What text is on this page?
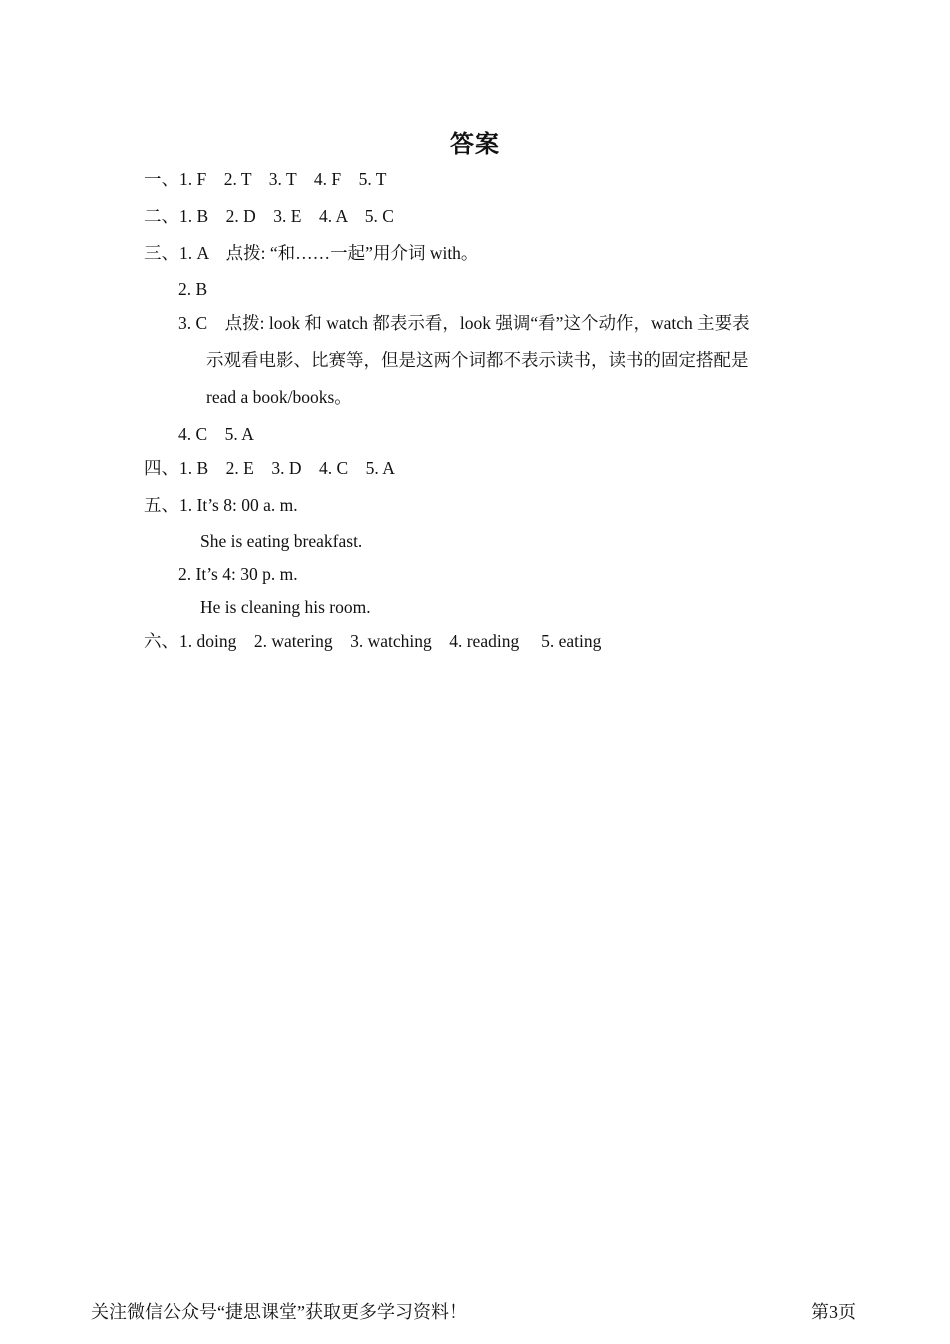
答案
一、1. F　2. T　3. T　4. F　5. T
二、1. B　2. D　3. E　4. A　5. C
三、1. A　点拨: “和……一起”用介词 with。
2. B
3. C　点拨: look 和 watch 都表示看，look 强调“看”这个动作，watch 主要表
示观看电影、比赛等，但是这两个词都不表示读书，读书的固定搭配是
read a book/books。
4. C　5. A
四、1. B　2. E　3. D　4. C　5. A
五、1. It’s 8: 00 a. m.
She is eating breakfast.
2. It’s 4: 30 p. m.
He is cleaning his room.
六、1. doing　2. watering　3. watching　4. reading　 5. eating
关注微信公众号“捷思课堂”获取更多学习资料！	第3页
